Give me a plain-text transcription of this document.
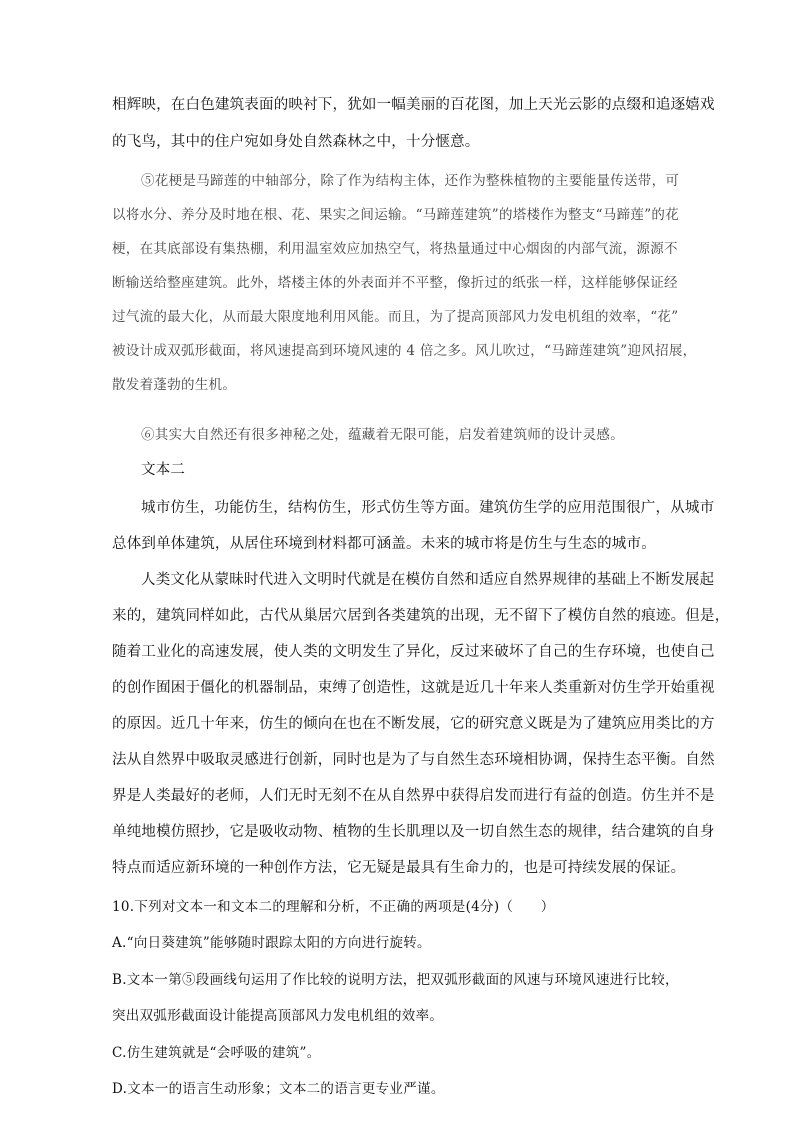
相辉映，在白色建筑表面的映衬下，犹如一幅美丽的百花图，加上天光云影的点缀和追逐嬉戏
的飞鸟，其中的住户宛如身处自然森林之中，十分惬意。
⑤花梗是马蹄莲的中轴部分，除了作为结构主体，还作为整株植物的主要能量传送带，可
以将水分、养分及时地在根、花、果实之间运输。“马蹄莲建筑”的塔楼作为整支“马蹄莲”的花
梗，在其底部设有集热棚，利用温室效应加热空气，将热量通过中心烟囱的内部气流，源源不
断输送给整座建筑。此外，塔楼主体的外表面并不平整，像折过的纸张一样，这样能够保证经
过气流的最大化，从而最大限度地利用风能。而且，为了提高顶部风力发电机组的效率，“花”
被设计成双弧形截面，将风速提高到环境风速的 4 倍之多。风儿吹过，“马蹄莲建筑”迎风招展，
散发着蓬勃的生机。
⑥其实大自然还有很多神秘之处，蕴藏着无限可能，启发着建筑师的设计灵感。
文本二
城市仿生，功能仿生，结构仿生，形式仿生等方面。建筑仿生学的应用范围很广，从城市
总体到单体建筑，从居住环境到材料都可涵盖。未来的城市将是仿生与生态的城市。
人类文化从蒙昧时代进入文明时代就是在模仿自然和适应自然界规律的基础上不断发展起
来的，建筑同样如此，古代从巢居穴居到各类建筑的出现，无不留下了模仿自然的痕迹。但是，
随着工业化的高速发展，使人类的文明发生了异化，反过来破坏了自己的生存环境，也使自己
的创作囿困于僵化的机器制品，束缚了创造性，这就是近几十年来人类重新对仿生学开始重视
的原因。近几十年来，仿生的倾向在也在不断发展，它的研究意义既是为了建筑应用类比的方
法从自然界中吸取灵感进行创新，同时也是为了与自然生态环境相协调，保持生态平衡。自然
界是人类最好的老师，人们无时无刻不在从自然界中获得启发而进行有益的创造。仿生并不是
单纯地模仿照抄，它是吸收动物、植物的生长肌理以及一切自然生态的规律，结合建筑的自身
特点而适应新环境的一种创作方法，它无疑是最具有生命力的，也是可持续发展的保证。
10.下列对文本一和文本二的理解和分析，不正确的两项是(4分)（　　）
A.“向日葵建筑”能够随时跟踪太阳的方向进行旋转。
B.文本一第⑤段画线句运用了作比较的说明方法，把双弧形截面的风速与环境风速进行比较，
突出双弧形截面设计能提高顶部风力发电机组的效率。
C.仿生建筑就是“会呼吸的建筑”。
D.文本一的语言生动形象；文本二的语言更专业严谨。
